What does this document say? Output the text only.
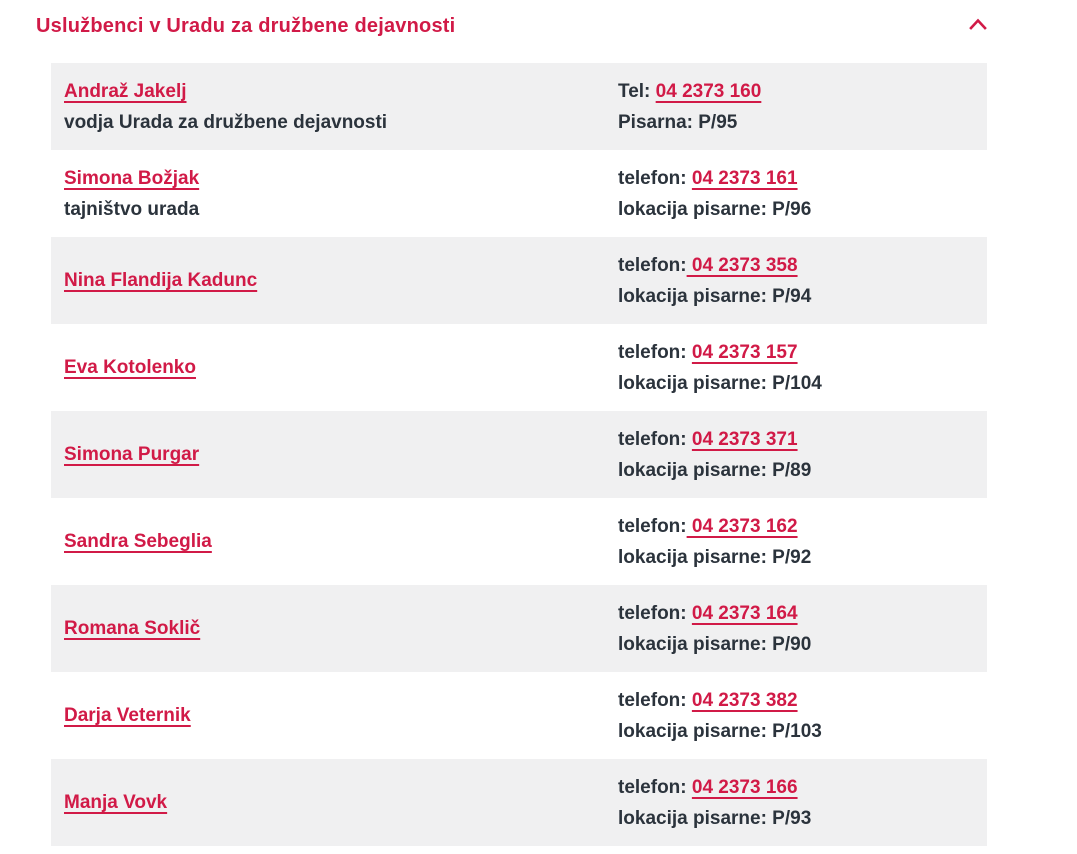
Uslužbenci v Uradu za družbene dejavnosti
Andraž Jakelj
vodja Urada za družbene dejavnosti
Tel: 04 2373 160
Pisarna: P/95
Simona Božjak
tajništvo urada
telefon: 04 2373 161
lokacija pisarne: P/96
Nina Flandija Kadunc
telefon: 04 2373 358
lokacija pisarne: P/94
Eva Kotolenko
telefon: 04 2373 157
lokacija pisarne: P/104
Simona Purgar
telefon: 04 2373 371
lokacija pisarne: P/89
Sandra Sebeglia
telefon: 04 2373 162
lokacija pisarne: P/92
Romana Soklič
telefon: 04 2373 164
lokacija pisarne: P/90
Darja Veternik
telefon: 04 2373 382
lokacija pisarne: P/103
Manja Vovk
telefon: 04 2373 166
lokacija pisarne: P/93
